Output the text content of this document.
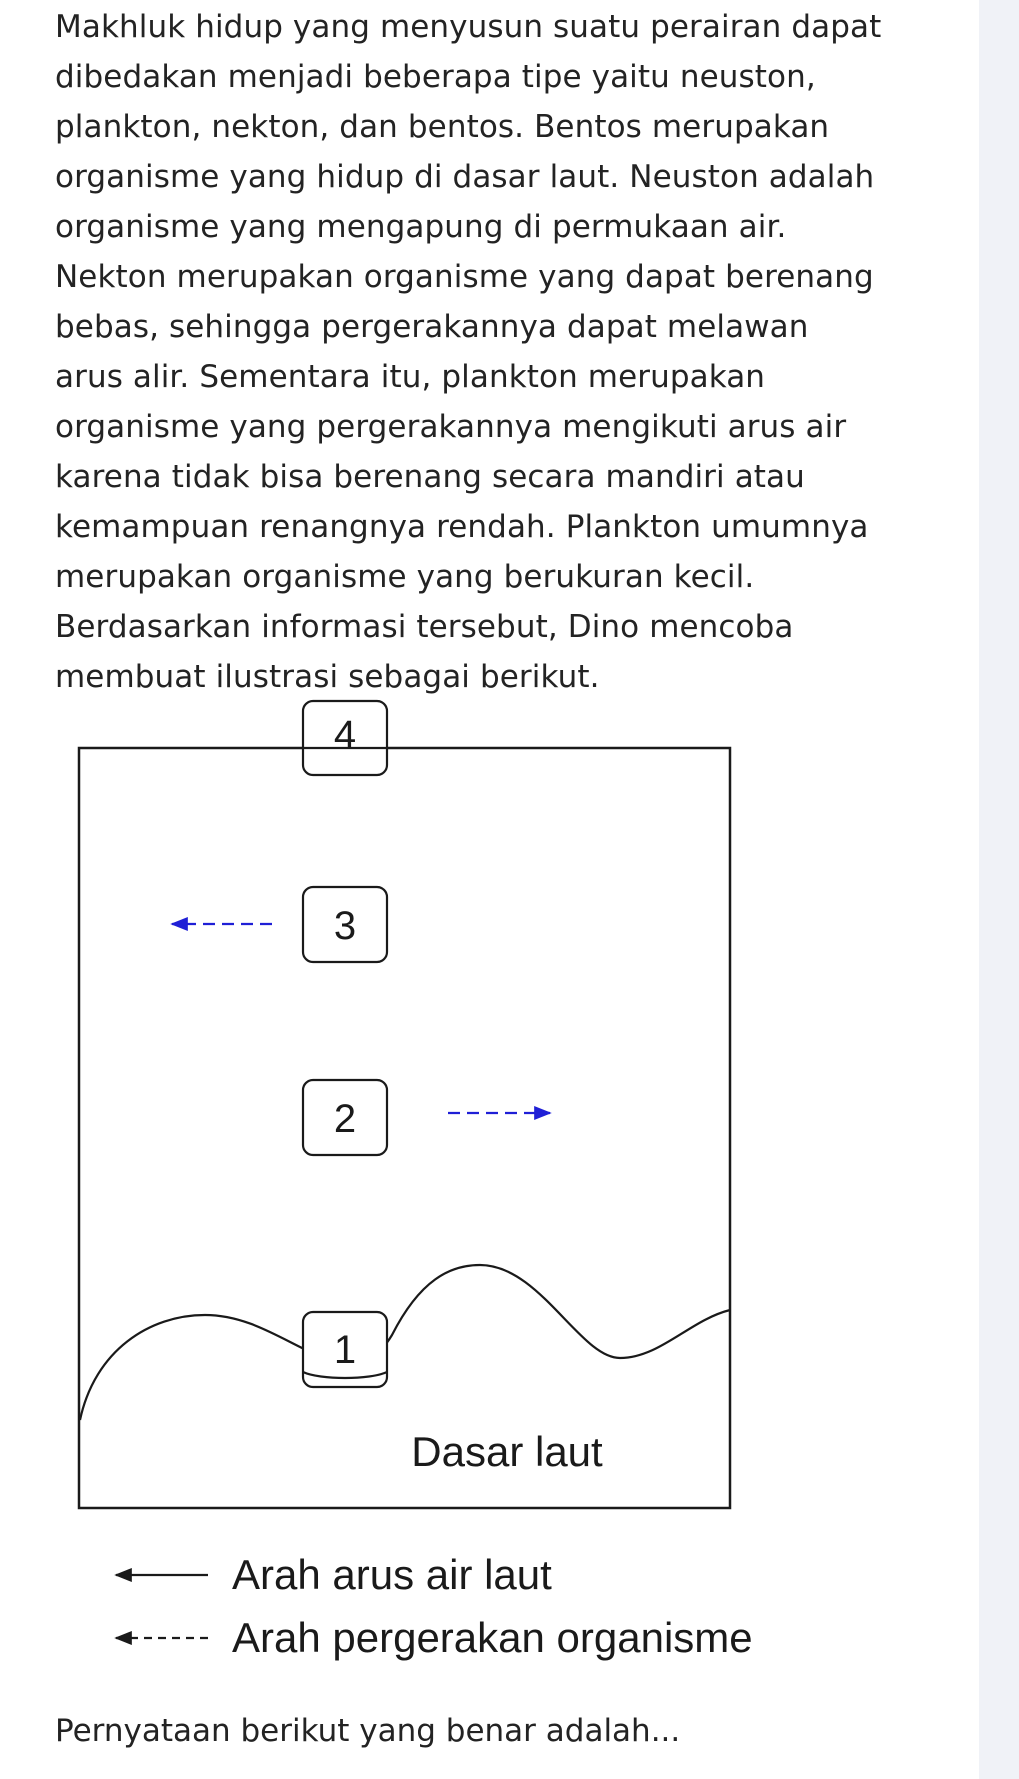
Makhluk hidup yang menyusun suatu perairan dapat
dibedakan menjadi beberapa tipe yaitu neuston,
plankton, nekton, dan bentos. Bentos merupakan
organisme yang hidup di dasar laut. Neuston adalah
organisme yang mengapung di permukaan air.
Nekton merupakan organisme yang dapat berenang
bebas, sehingga pergerakannya dapat melawan
arus alir. Sementara itu, plankton merupakan
organisme yang pergerakannya mengikuti arus air
karena tidak bisa berenang secara mandiri atau
kemampuan renangnya rendah. Plankton umumnya
merupakan organisme yang berukuran kecil.
Berdasarkan informasi tersebut, Dino mencoba
membuat ilustrasi sebagai berikut.

4
3
2
1
Dasar laut
Arah arus air laut
Arah pergerakan organisme

Pernyataan berikut yang benar adalah...
